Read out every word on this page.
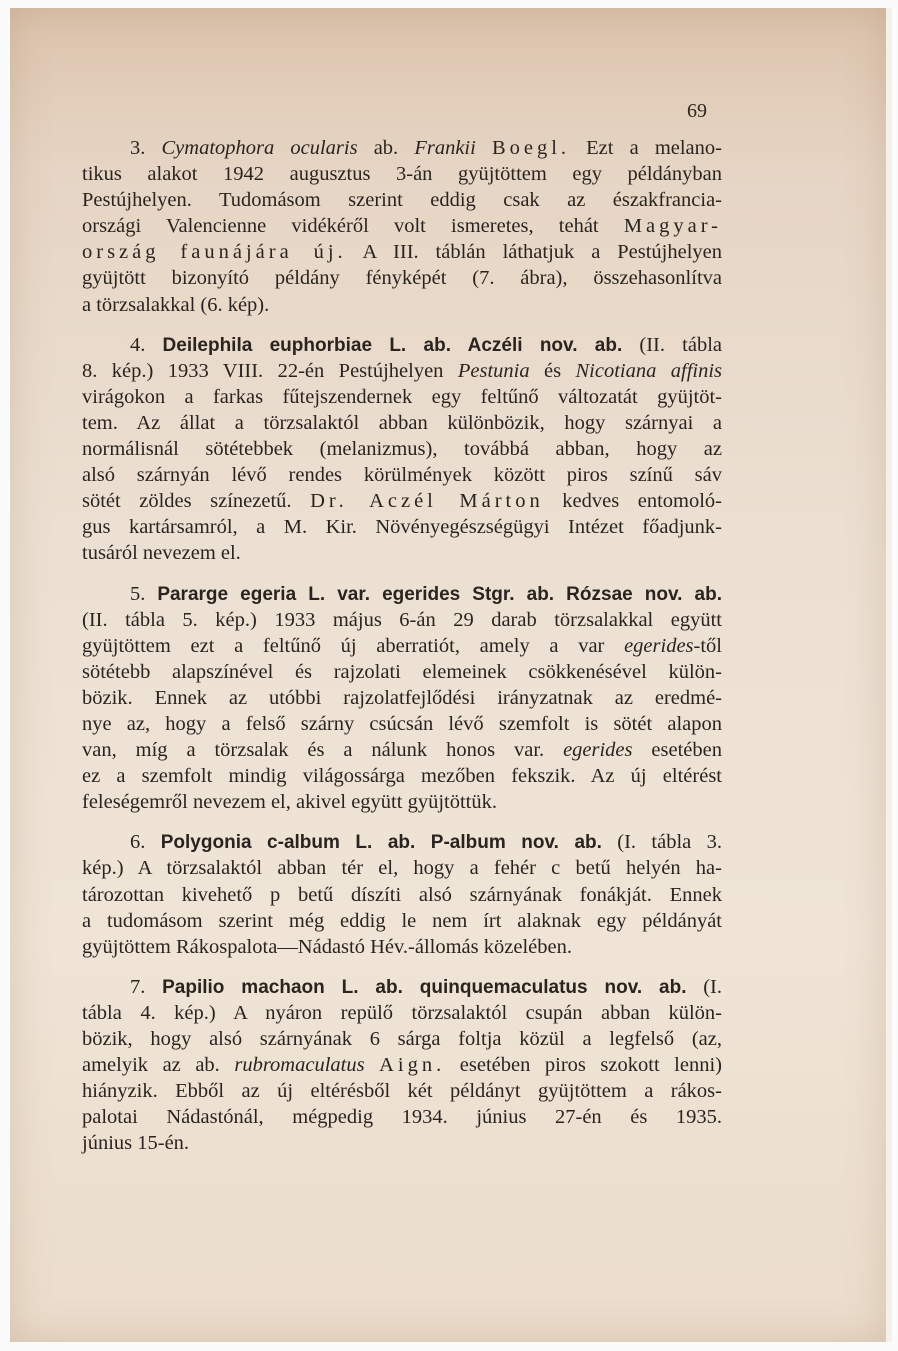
69
3. Cymatophora ocularis ab. Frankii Boegl. Ezt a melano-
tikus alakot 1942 augusztus 3-án gyüjtöttem egy példányban
Pestújhelyen. Tudomásom szerint eddig csak az északfrancia-
országi Valencienne vidékéről volt ismeretes, tehát Magyar-
ország faunájára új. A III. táblán láthatjuk a Pestújhelyen
gyüjtött bizonyító példány fényképét (7. ábra), összehasonlítva
a törzsalakkal (6. kép).
4. Deilephila euphorbiae L. ab. Aczéli nov. ab. (II. tábla
8. kép.) 1933 VIII. 22-én Pestújhelyen Pestunia és Nicotiana affinis
virágokon a farkas fűtejszendernek egy feltűnő változatát gyüjtöt-
tem. Az állat a törzsalaktól abban különbözik, hogy szárnyai a
normálisnál sötétebbek (melanizmus), továbbá abban, hogy az
alsó szárnyán lévő rendes körülmények között piros színű sáv
sötét zöldes színezetű. Dr. Aczél Márton kedves entomoló-
gus kartársamról, a M. Kir. Növényegészségügyi Intézet főadjunk-
tusáról nevezem el.
5. Pararge egeria L. var. egerides Stgr. ab. Rózsae nov. ab.
(II. tábla 5. kép.) 1933 május 6-án 29 darab törzsalakkal együtt
gyüjtöttem ezt a feltűnő új aberratiót, amely a var egerides-től
sötétebb alapszínével és rajzolati elemeinek csökkenésével külön-
bözik. Ennek az utóbbi rajzolatfejlődési irányzatnak az eredmé-
nye az, hogy a felső szárny csúcsán lévő szemfolt is sötét alapon
van, míg a törzsalak és a nálunk honos var. egerides esetében
ez a szemfolt mindig világossárga mezőben fekszik. Az új eltérést
feleségemről nevezem el, akivel együtt gyüjtöttük.
6. Polygonia c-album L. ab. P-album nov. ab. (I. tábla 3.
kép.) A törzsalaktól abban tér el, hogy a fehér c betű helyén ha-
tározottan kivehető p betű díszíti alsó szárnyának fonákját. Ennek
a tudomásom szerint még eddig le nem írt alaknak egy példányát
gyüjtöttem Rákospalota—Nádastó Hév.-állomás közelében.
7. Papilio machaon L. ab. quinquemaculatus nov. ab. (I.
tábla 4. kép.) A nyáron repülő törzsalaktól csupán abban külön-
bözik, hogy alsó szárnyának 6 sárga foltja közül a legfelső (az,
amelyik az ab. rubromaculatus Aign. esetében piros szokott lenni)
hiányzik. Ebből az új eltérésből két példányt gyüjtöttem a rákos-
palotai Nádastónál, mégpedig 1934. június 27-én és 1935.
június 15-én.
